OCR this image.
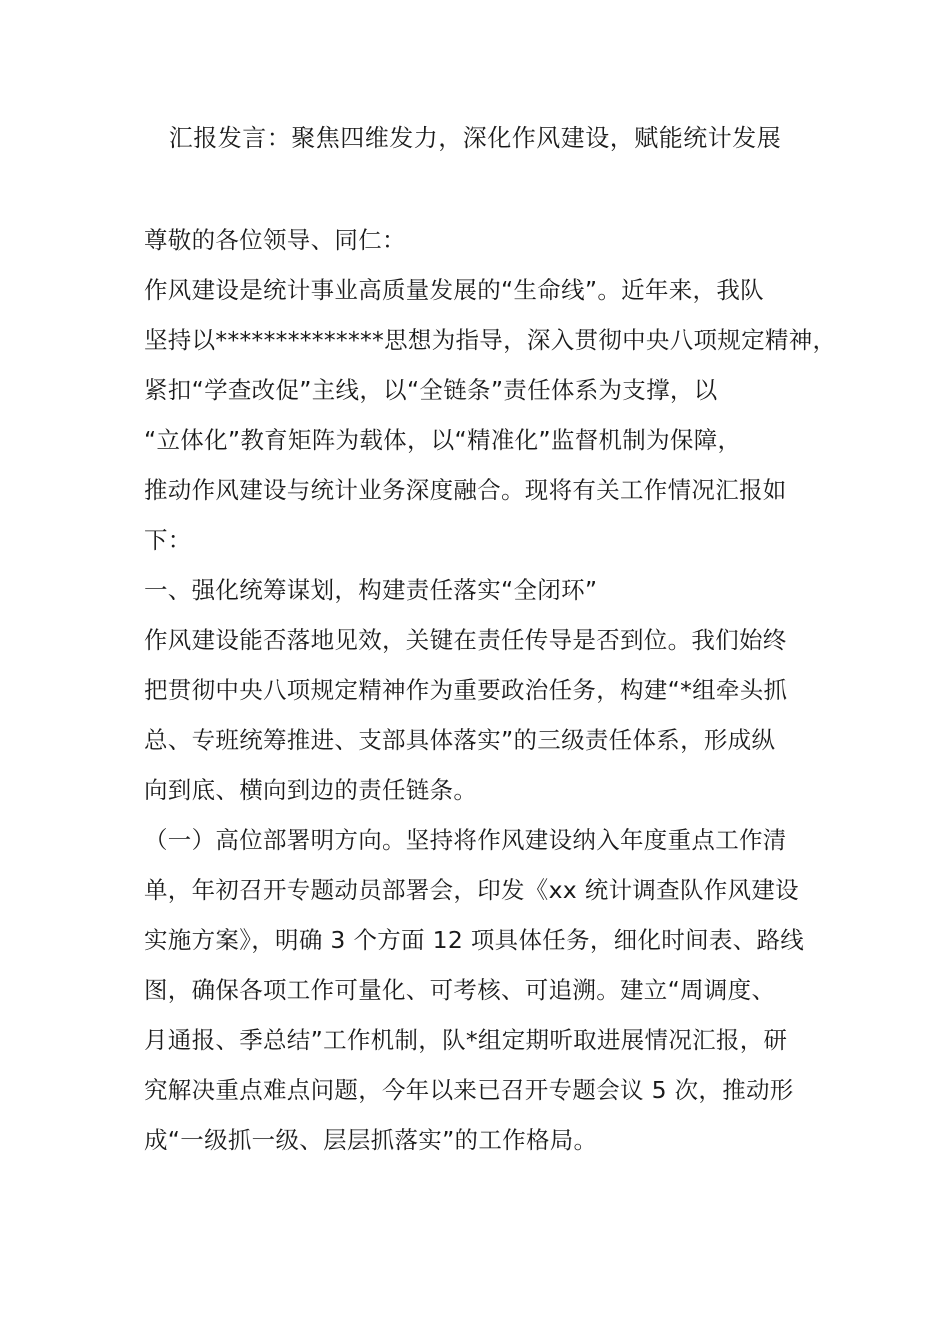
汇报发言：聚焦四维发力，深化作风建设，赋能统计发展
尊敬的各位领导、同仁：
作风建设是统计事业高质量发展的“生命线”。近年来，我队
坚持以**************思想为指导，深入贯彻中央八项规定精神，
紧扣“学查改促”主线，以“全链条”责任体系为支撑，以
“立体化”教育矩阵为载体，以“精准化”监督机制为保障，
推动作风建设与统计业务深度融合。现将有关工作情况汇报如
下：
一、强化统筹谋划，构建责任落实“全闭环”
作风建设能否落地见效，关键在责任传导是否到位。我们始终
把贯彻中央八项规定精神作为重要政治任务，构建“*组牵头抓
总、专班统筹推进、支部具体落实”的三级责任体系，形成纵
向到底、横向到边的责任链条。
（一）高位部署明方向。坚持将作风建设纳入年度重点工作清
单，年初召开专题动员部署会，印发《xx 统计调查队作风建设
实施方案》，明确 3 个方面 12 项具体任务，细化时间表、路线
图，确保各项工作可量化、可考核、可追溯。建立“周调度、
月通报、季总结”工作机制，队*组定期听取进展情况汇报，研
究解决重点难点问题，今年以来已召开专题会议 5 次，推动形
成“一级抓一级、层层抓落实”的工作格局。
